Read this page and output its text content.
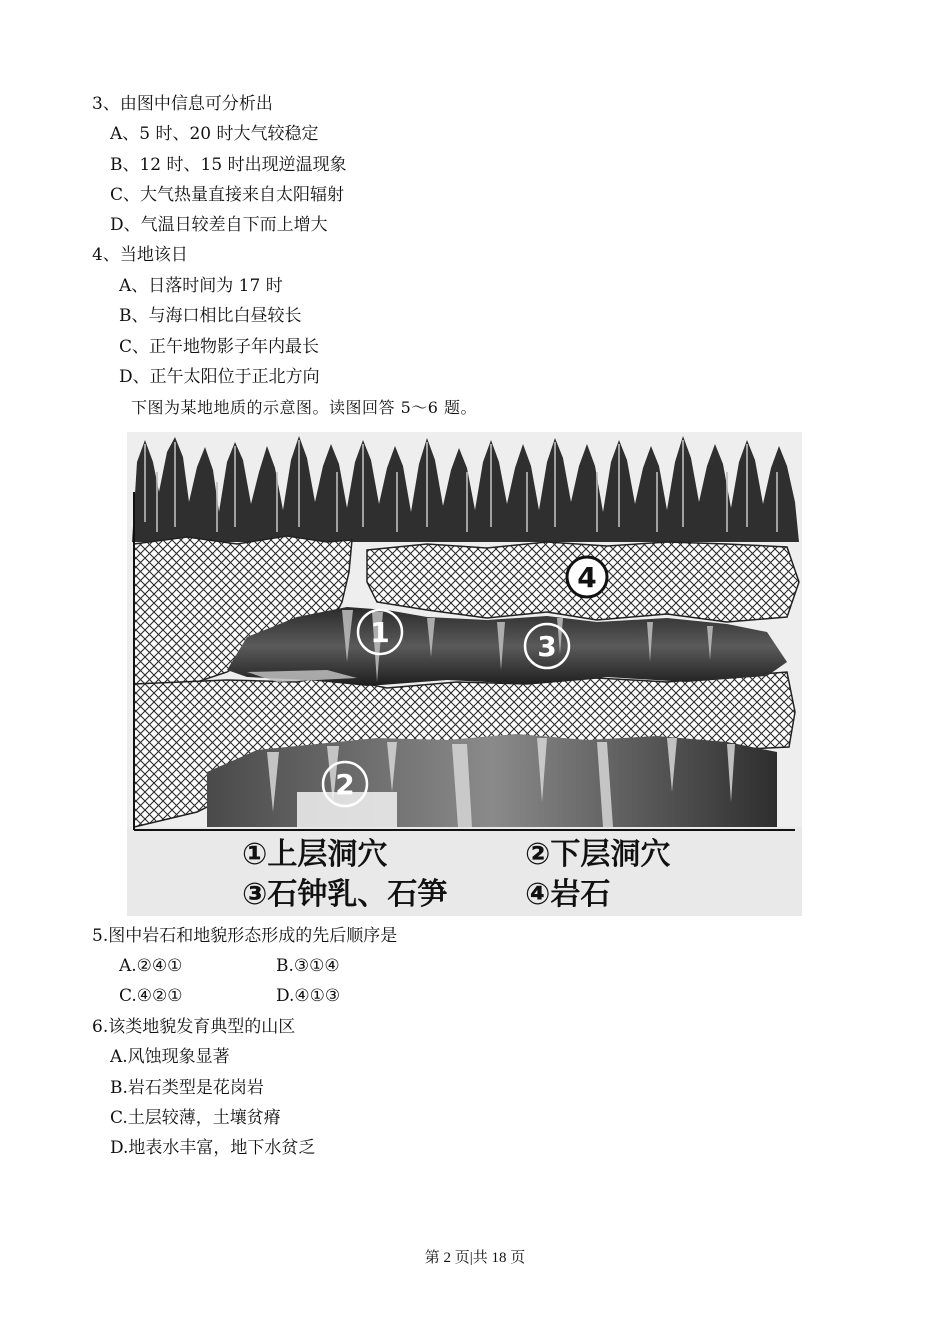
3、由图中信息可分析出
A、5 时、20 时大气较稳定
B、12 时、15 时出现逆温现象
C、大气热量直接来自太阳辐射
D、气温日较差自下而上增大
4、当地该日
A、日落时间为 17 时
B、与海口相比白昼较长
C、正午地物影子年内最长
D、正午太阳位于正北方向
下图为某地地质的示意图。读图回答 5～6 题。
1	3
4
2
①上层洞穴	②下层洞穴
③石钟乳、石笋	④岩石
5.图中岩石和地貌形态形成的先后顺序是
A.②④①	B.③①④
C.④②①	D.④①③
6.该类地貌发育典型的山区
A.风蚀现象显著
B.岩石类型是花岗岩
C.土层较薄，土壤贫瘠
D.地表水丰富，地下水贫乏
第 2 页|共 18 页
